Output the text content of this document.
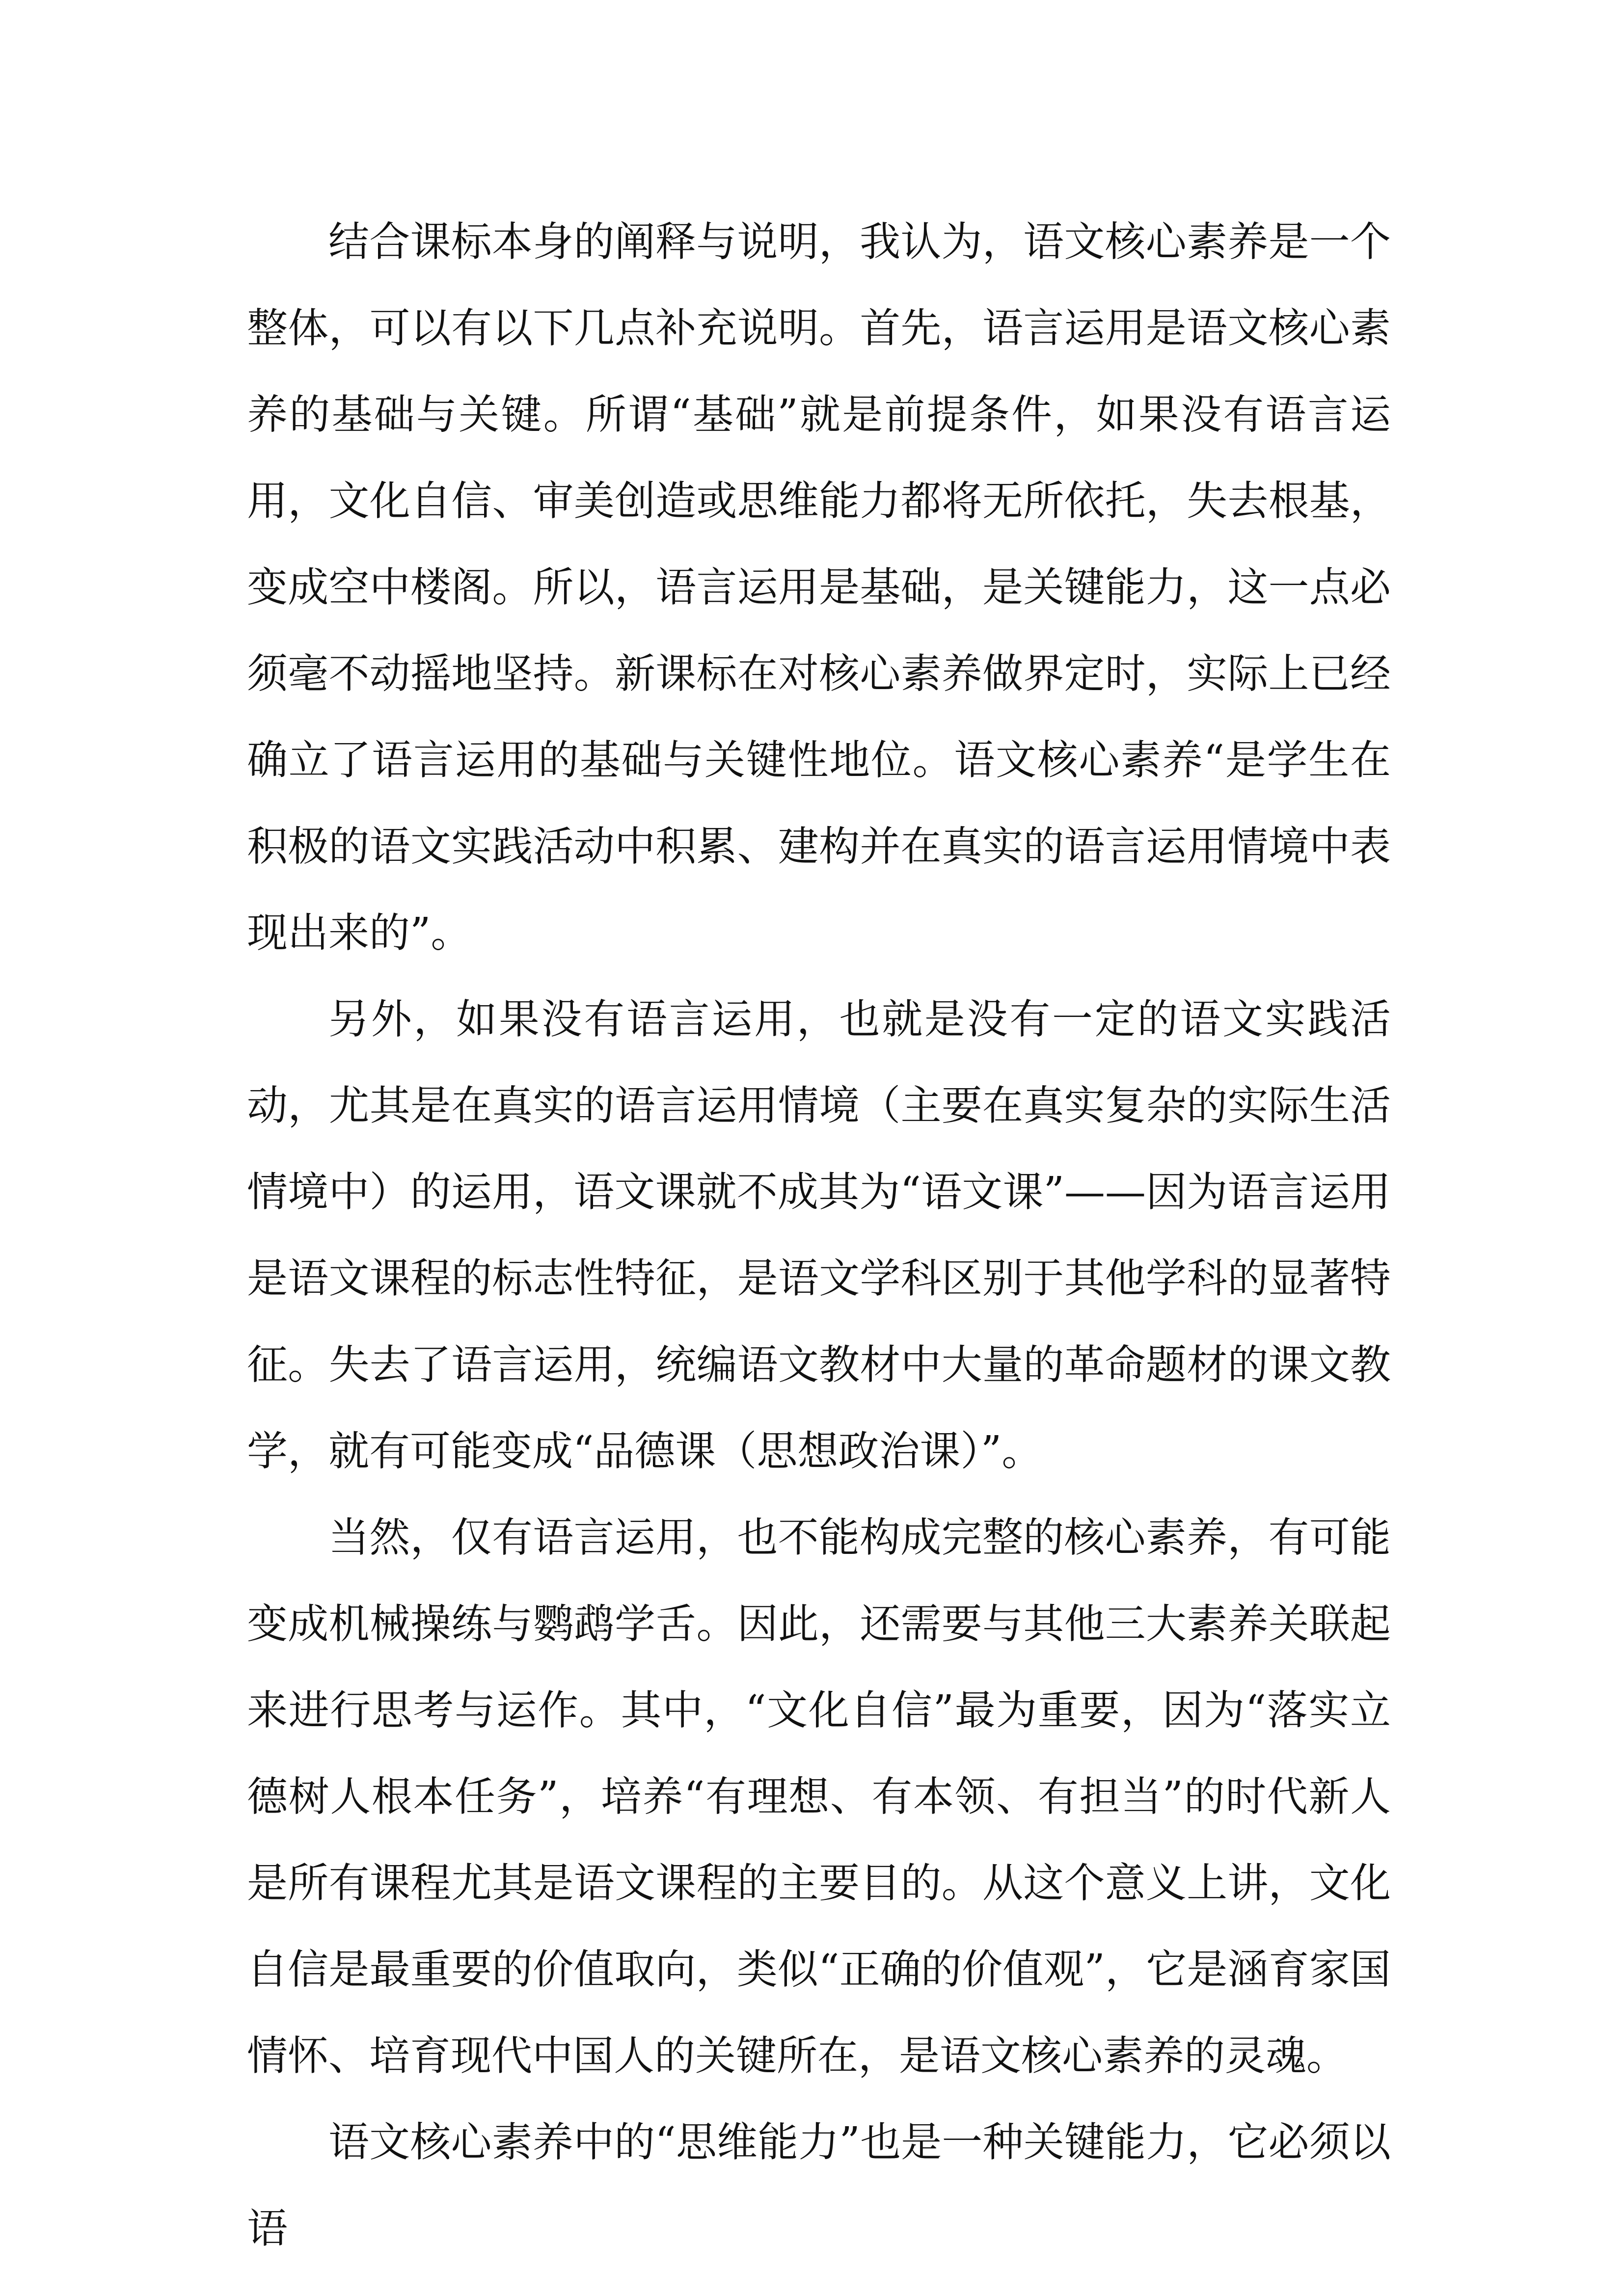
结合课标本身的阐释与说明，我认为，语文核心素养是一个整体，可以有以下几点补充说明。首先，语言运用是语文核心素养的基础与关键。所谓“基础”就是前提条件，如果没有语言运用，文化自信、审美创造或思维能力都将无所依托，失去根基，变成空中楼阁。所以，语言运用是基础，是关键能力，这一点必须毫不动摇地坚持。新课标在对核心素养做界定时，实际上已经确立了语言运用的基础与关键性地位。语文核心素养“是学生在积极的语文实践活动中积累、建构并在真实的语言运用情境中表现出来的”。

另外，如果没有语言运用，也就是没有一定的语文实践活动，尤其是在真实的语言运用情境（主要在真实复杂的实际生活情境中）的运用，语文课就不成其为“语文课”——因为语言运用是语文课程的标志性特征，是语文学科区别于其他学科的显著特征。失去了语言运用，统编语文教材中大量的革命题材的课文教学，就有可能变成“品德课（思想政治课）”。

当然，仅有语言运用，也不能构成完整的核心素养，有可能变成机械操练与鹦鹉学舌。因此，还需要与其他三大素养关联起来进行思考与运作。其中，“文化自信”最为重要，因为“落实立德树人根本任务”，培养“有理想、有本领、有担当”的时代新人是所有课程尤其是语文课程的主要目的。从这个意义上讲，文化自信是最重要的价值取向，类似“正确的价值观”，它是涵育家国情怀、培育现代中国人的关键所在，是语文核心素养的灵魂。

语文核心素养中的“思维能力”也是一种关键能力，它必须以语
